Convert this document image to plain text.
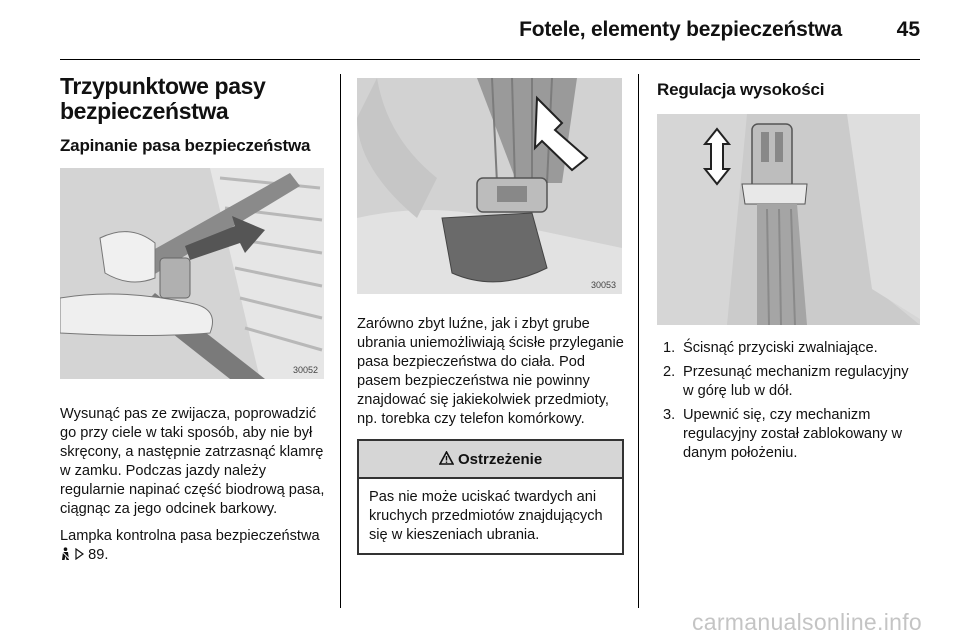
Fotele, elementy bezpieczeństwa	45
Trzypunktowe pasy bezpieczeństwa
Zapinanie pasa bezpieczeństwa
30052

Wysunąć pas ze zwijacza, poprowadzić go przy ciele w taki sposób, aby nie był skręcony, a następnie zatrzasnąć klamrę w zamku. Podczas jazdy należy regularnie napinać część biodrową pasa, ciągnąc za jego odcinek barkowy.

Lampka kontrolna pasa bezpieczeństwa   89.

30053

Zarówno zbyt luźne, jak i zbyt grube ubrania uniemożliwiają ścisłe przyleganie pasa bezpieczeństwa do ciała. Pod pasem bezpieczeństwa nie powinny znajdować się jakiekolwiek przedmioty, np. torebka czy telefon komórkowy.

Ostrzeżenie

Pas nie może uciskać twardych ani kruchych przedmiotów znajdujących się w kieszeniach ubrania.

Regulacja wysokości
1. Ścisnąć przyciski zwalniające.
2. Przesunąć mechanizm regulacyjny w górę lub w dół.
3. Upewnić się, czy mechanizm regulacyjny został zablokowany w danym położeniu.
carmanualsonline.info
